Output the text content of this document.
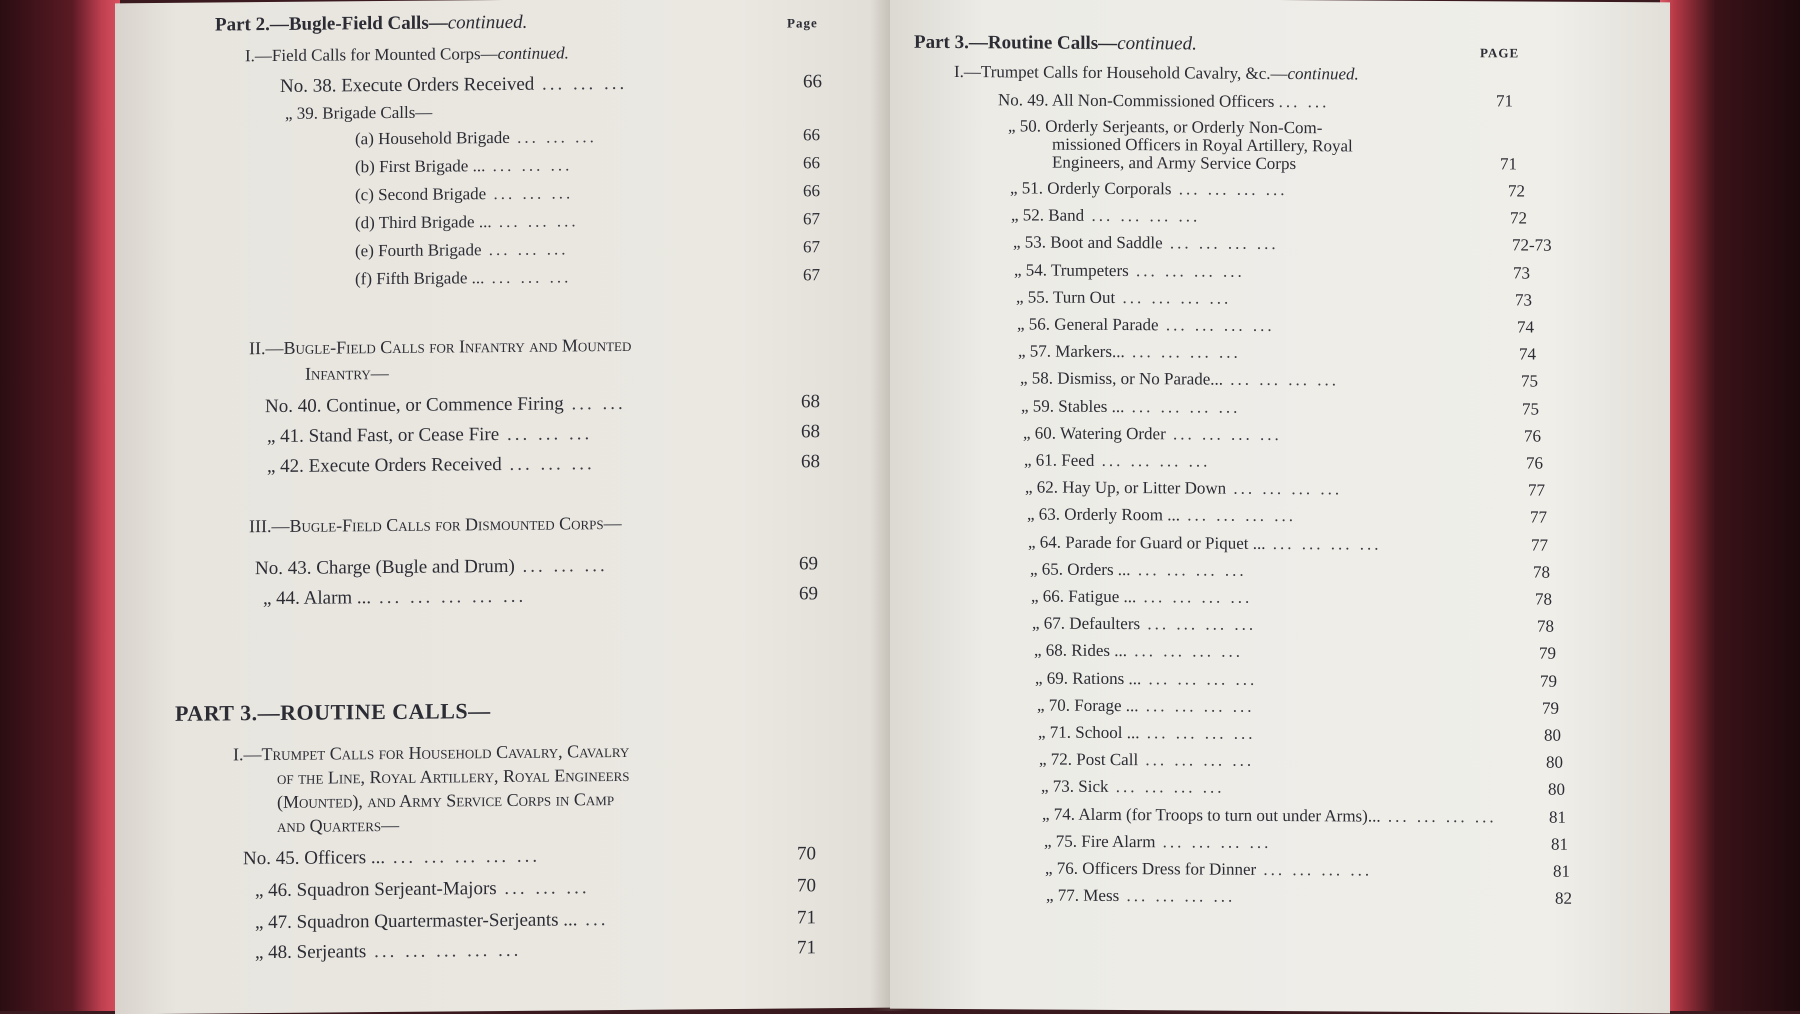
Part 2.—Bugle-Field Calls—continued.	Page
I.—Field Calls for Mounted Corps—continued.
No. 38. Execute Orders Received ... ... ...	66
„ 39. Brigade Calls—
(a) Household Brigade ... ... ...	66
(b) First Brigade ... ... ... ...	66
(c) Second Brigade ... ... ...	66
(d) Third Brigade ... ... ... ...	67
(e) Fourth Brigade ... ... ...	67
(f) Fifth Brigade ... ... ... ...	67
II.—Bugle-Field Calls for Infantry and Mounted
Infantry—
No. 40. Continue, or Commence Firing ... ...	68
„ 41. Stand Fast, or Cease Fire ... ... ...	68
„ 42. Execute Orders Received ... ... ...	68
III.—Bugle-Field Calls for Dismounted Corps—
No. 43. Charge (Bugle and Drum) ... ... ...	69
„ 44. Alarm ... ... ... ... ... ...	69
PART 3.—ROUTINE CALLS—
I.—Trumpet Calls for Household Cavalry, Cavalry
of the Line, Royal Artillery, Royal Engineers
(Mounted), and Army Service Corps in Camp
and Quarters—
No. 45. Officers ... ... ... ... ... ...	70
„ 46. Squadron Serjeant-Majors ... ... ...	70
„ 47. Squadron Quartermaster-Serjeants ... ...	71
„ 48. Serjeants ... ... ... ... ...	71
Part 3.—Routine Calls—continued.	PAGE
I.—Trumpet Calls for Household Cavalry, &c.—continued.
No. 49. All Non-Commissioned Officers ... ...	71
„ 50. Orderly Serjeants, or Orderly Non-Com-
missioned Officers in Royal Artillery, Royal
Engineers, and Army Service Corps	71
„ 51. Orderly Corporals ... ... ... ...	72
„ 52. Band ... ... ... ...	72
„ 53. Boot and Saddle ... ... ... ...	72-73
„ 54. Trumpeters ... ... ... ...	73
„ 55. Turn Out ... ... ... ...	73
„ 56. General Parade ... ... ... ...	74
„ 57. Markers... ... ... ... ...	74
„ 58. Dismiss, or No Parade... ... ... ... ...	75
„ 59. Stables ... ... ... ... ...	75
„ 60. Watering Order ... ... ... ...	76
„ 61. Feed ... ... ... ...	76
„ 62. Hay Up, or Litter Down ... ... ... ...	77
„ 63. Orderly Room ... ... ... ... ...	77
„ 64. Parade for Guard or Piquet ... ... ... ... ...	77
„ 65. Orders ... ... ... ... ...	78
„ 66. Fatigue ... ... ... ... ...	78
„ 67. Defaulters ... ... ... ...	78
„ 68. Rides ... ... ... ... ...	79
„ 69. Rations ... ... ... ... ...	79
„ 70. Forage ... ... ... ... ...	79
„ 71. School ... ... ... ... ...	80
„ 72. Post Call ... ... ... ...	80
„ 73. Sick ... ... ... ...	80
„ 74. Alarm (for Troops to turn out under Arms)... ... ... ... ...	81
„ 75. Fire Alarm ... ... ... ...	81
„ 76. Officers Dress for Dinner ... ... ... ...	81
„ 77. Mess ... ... ... ...	82
